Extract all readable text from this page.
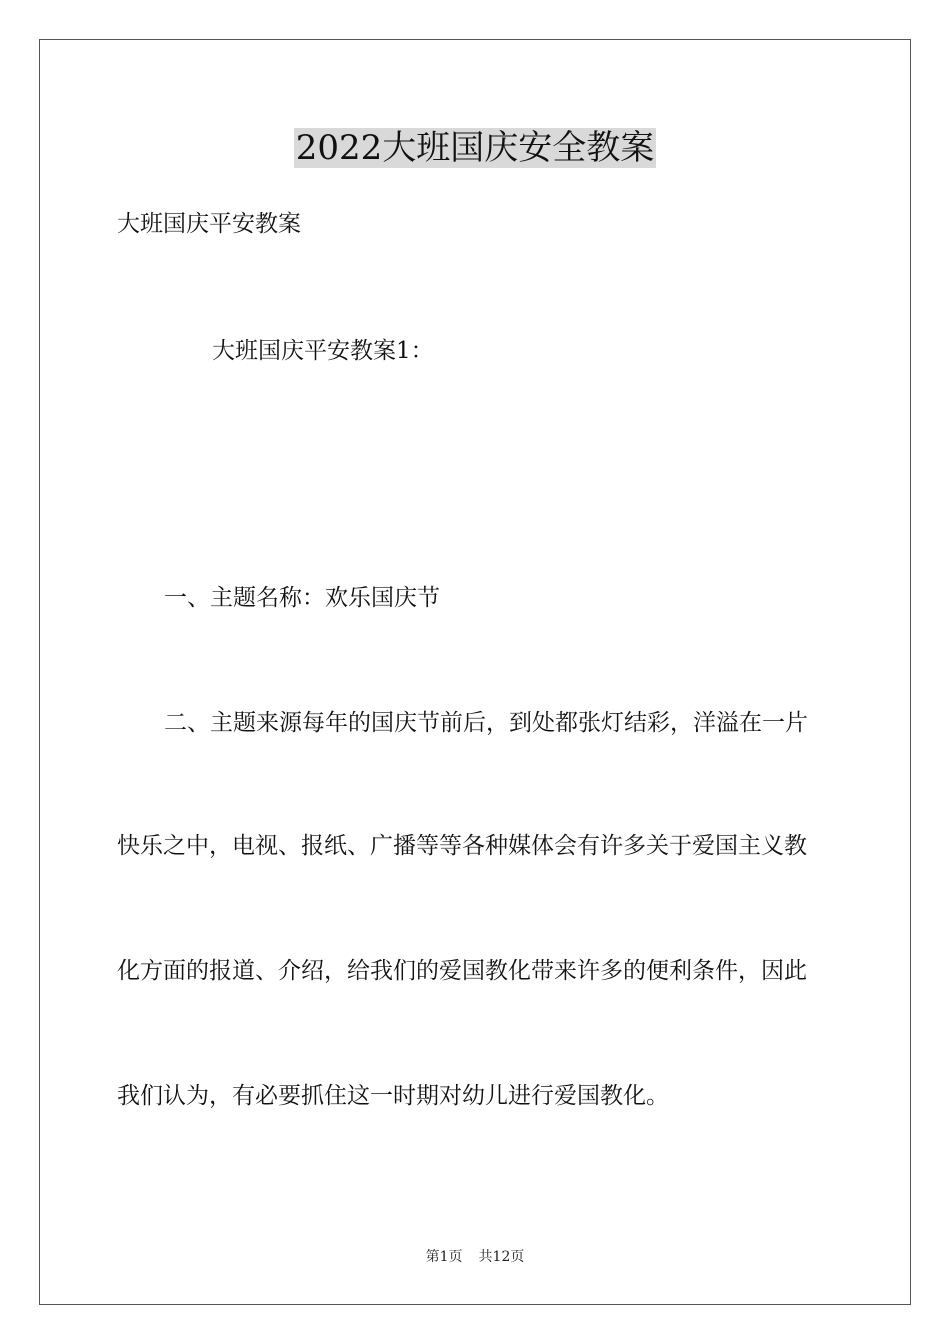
2022大班国庆安全教案

大班国庆平安教案

大班国庆平安教案1：

一、主题名称：欢乐国庆节

二、主题来源每年的国庆节前后，到处都张灯结彩，洋溢在一片

快乐之中，电视、报纸、广播等等各种媒体会有许多关于爱国主义教

化方面的报道、介绍，给我们的爱国教化带来许多的便利条件，因此

我们认为，有必要抓住这一时期对幼儿进行爱国教化。

第1页 共12页
